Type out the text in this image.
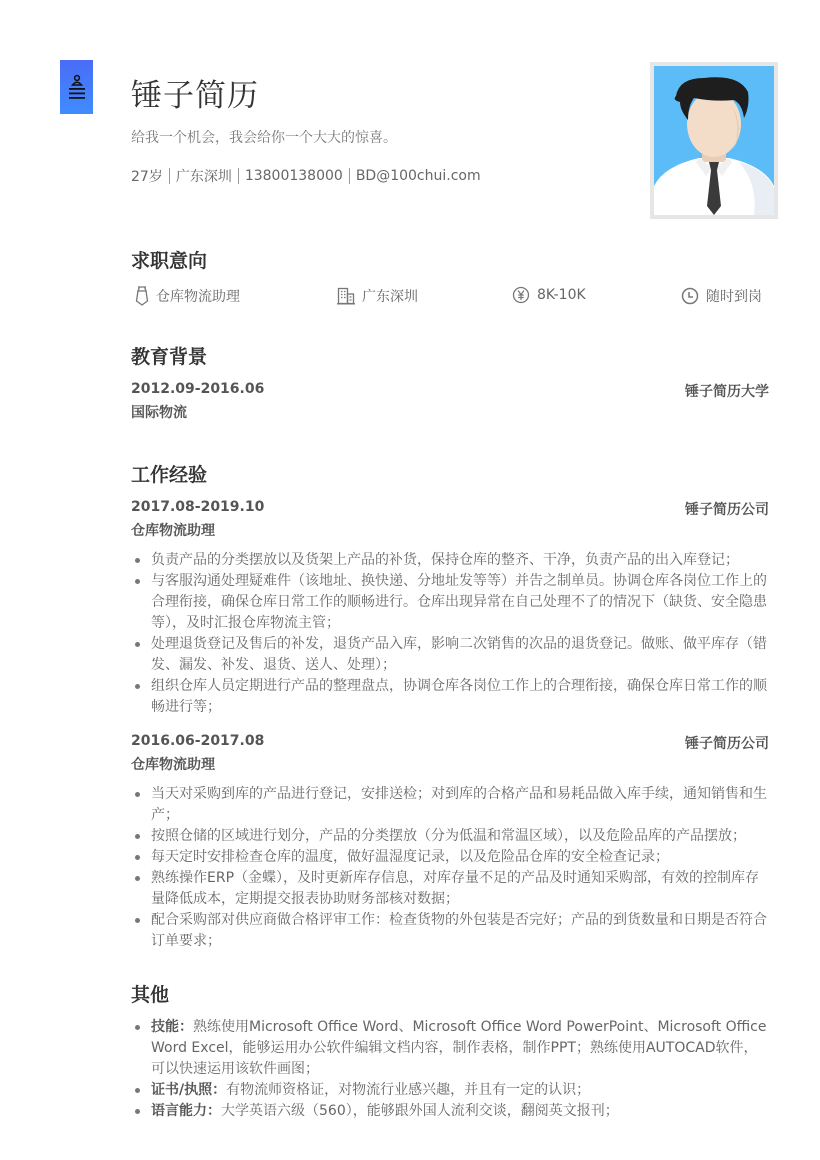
锤子简历
给我一个机会，我会给你一个大大的惊喜。
27岁 广东深圳 13800138000 BD@100chui.com
求职意向
仓库物流助理	广东深圳	8K-10K	随时到岗
教育背景
2012.09-2016.06	锤子简历大学
国际物流
工作经验
2017.08-2019.10	锤子简历公司
仓库物流助理
负责产品的分类摆放以及货架上产品的补货，保持仓库的整齐、干净，负责产品的出入库登记；
与客服沟通处理疑难件（该地址、换快递、分地址发等等）并告之制单员。协调仓库各岗位工作上的合理衔接，确保仓库日常工作的顺畅进行。仓库出现异常在自己处理不了的情况下（缺货、安全隐患等），及时汇报仓库物流主管；
处理退货登记及售后的补发，退货产品入库，影响二次销售的次品的退货登记。做账、做平库存（错发、漏发、补发、退货、送人、处理）；
组织仓库人员定期进行产品的整理盘点，协调仓库各岗位工作上的合理衔接，确保仓库日常工作的顺畅进行等；
2016.06-2017.08	锤子简历公司
仓库物流助理
当天对采购到库的产品进行登记，安排送检；对到库的合格产品和易耗品做入库手续，通知销售和生产；
按照仓储的区域进行划分，产品的分类摆放（分为低温和常温区域），以及危险品库的产品摆放；
每天定时安排检查仓库的温度，做好温湿度记录，以及危险品仓库的安全检查记录；
熟练操作ERP（金蝶），及时更新库存信息，对库存量不足的产品及时通知采购部，有效的控制库存量降低成本，定期提交报表协助财务部核对数据；
配合采购部对供应商做合格评审工作：检查货物的外包装是否完好；产品的到货数量和日期是否符合订单要求；
其他
技能：熟练使用Microsoft Office Word、Microsoft Office Word PowerPoint、Microsoft Office Word Excel，能够运用办公软件编辑文档内容，制作表格，制作PPT；熟练使用AUTOCAD软件，可以快速运用该软件画图；
证书/执照：有物流师资格证，对物流行业感兴趣，并且有一定的认识；
语言能力：大学英语六级（560），能够跟外国人流利交谈，翻阅英文报刊；
